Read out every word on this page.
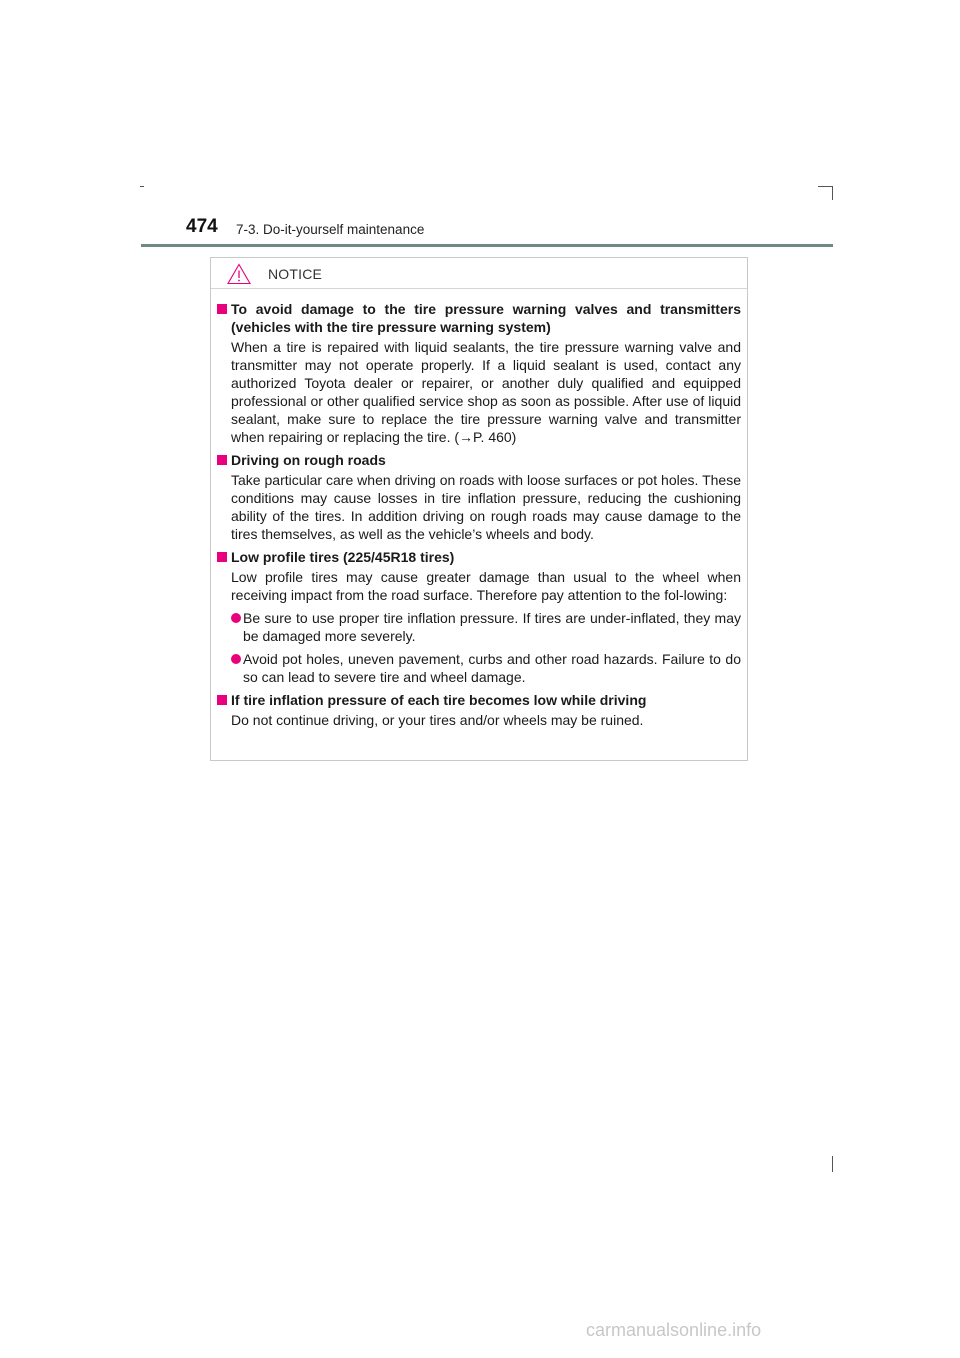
474 7-3. Do-it-yourself maintenance
NOTICE
To avoid damage to the tire pressure warning valves and transmitters (vehicles with the tire pressure warning system)
When a tire is repaired with liquid sealants, the tire pressure warning valve and transmitter may not operate properly. If a liquid sealant is used, contact any authorized Toyota dealer or repairer, or another duly qualified and equipped professional or other qualified service shop as soon as possible. After use of liquid sealant, make sure to replace the tire pressure warning valve and transmitter when repairing or replacing the tire. (→P. 460)
Driving on rough roads
Take particular care when driving on roads with loose surfaces or pot holes. These conditions may cause losses in tire inflation pressure, reducing the cushioning ability of the tires. In addition driving on rough roads may cause damage to the tires themselves, as well as the vehicle’s wheels and body.
Low profile tires (225/45R18 tires)
Low profile tires may cause greater damage than usual to the wheel when receiving impact from the road surface. Therefore pay attention to the fol-lowing:
Be sure to use proper tire inflation pressure. If tires are under-inflated, they may be damaged more severely.
Avoid pot holes, uneven pavement, curbs and other road hazards. Failure to do so can lead to severe tire and wheel damage.
If tire inflation pressure of each tire becomes low while driving
Do not continue driving, or your tires and/or wheels may be ruined.
carmanualsonline.info
